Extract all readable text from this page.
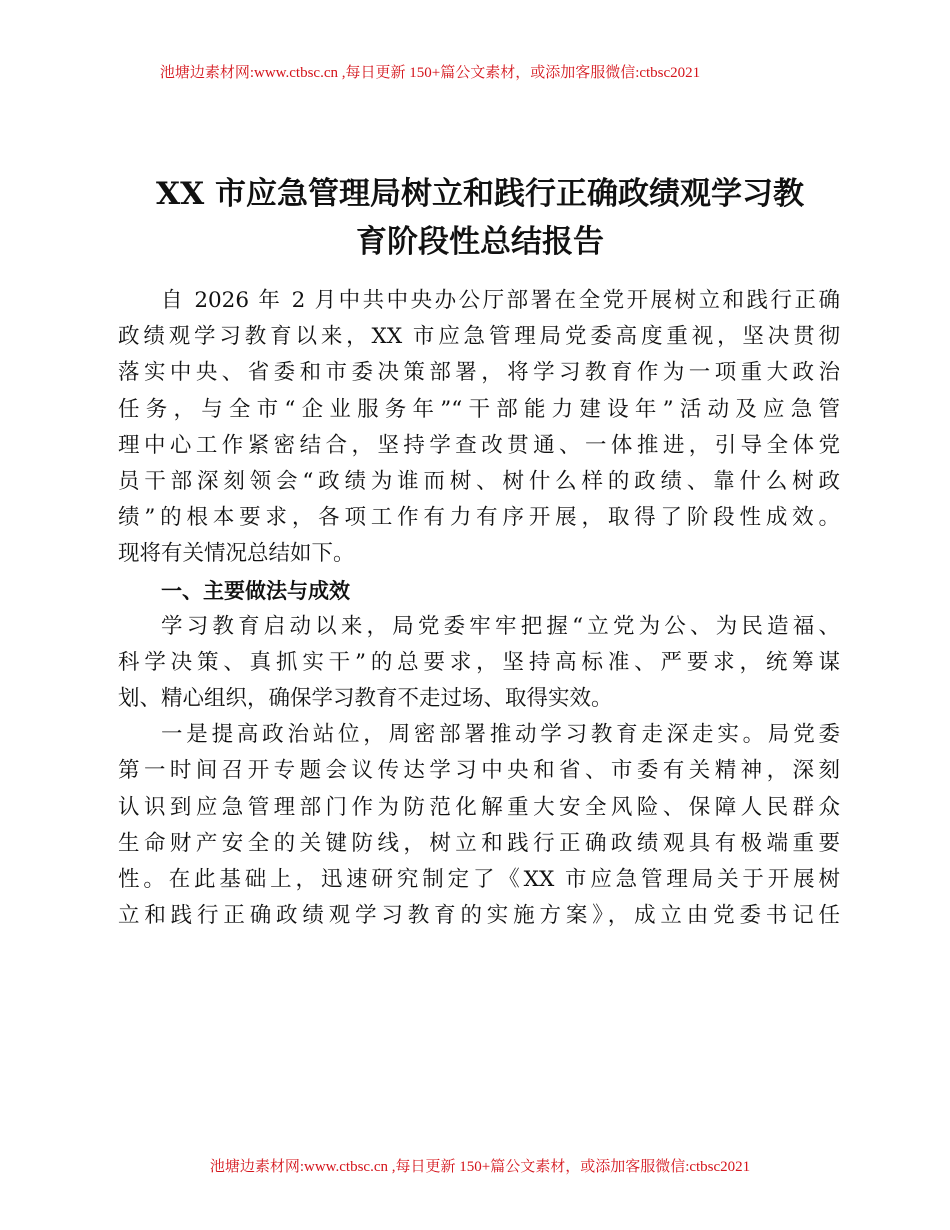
池塘边素材网:www.ctbsc.cn ,每日更新 150+篇公文素材，或添加客服微信:ctbsc2021
XX 市应急管理局树立和践行正确政绩观学习教
育阶段性总结报告
自 2026 年 2 月中共中央办公厅部署在全党开展树立和践行正确
政绩观学习教育以来，XX 市应急管理局党委高度重视，坚决贯彻
落实中央、省委和市委决策部署，将学习教育作为一项重大政治
任务，与全市“企业服务年”“干部能力建设年”活动及应急管
理中心工作紧密结合，坚持学查改贯通、一体推进，引导全体党
员干部深刻领会“政绩为谁而树、树什么样的政绩、靠什么树政
绩”的根本要求，各项工作有力有序开展，取得了阶段性成效。
现将有关情况总结如下。
一、主要做法与成效
学习教育启动以来，局党委牢牢把握“立党为公、为民造福、
科学决策、真抓实干”的总要求，坚持高标准、严要求，统筹谋
划、精心组织，确保学习教育不走过场、取得实效。
一是提高政治站位，周密部署推动学习教育走深走实。局党委
第一时间召开专题会议传达学习中央和省、市委有关精神，深刻
认识到应急管理部门作为防范化解重大安全风险、保障人民群众
生命财产安全的关键防线，树立和践行正确政绩观具有极端重要
性。在此基础上，迅速研究制定了《XX 市应急管理局关于开展树
立和践行正确政绩观学习教育的实施方案》，成立由党委书记任
池塘边素材网:www.ctbsc.cn ,每日更新 150+篇公文素材，或添加客服微信:ctbsc2021
